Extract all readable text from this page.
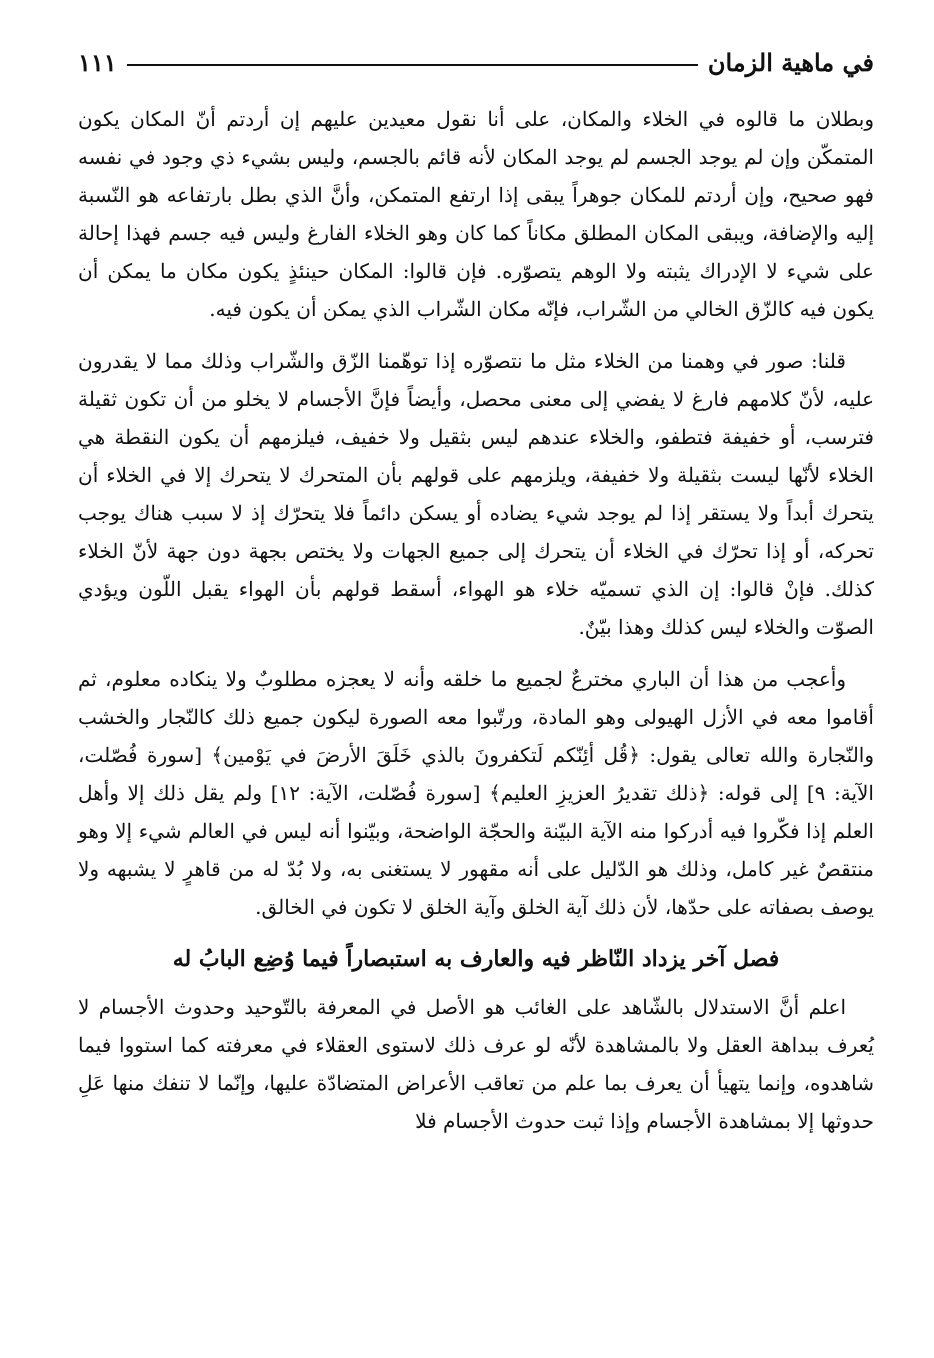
في ماهية الزمان
١١١

وبطلان ما قالوه في الخلاء والمكان، على أنا نقول معيدين عليهم إن أردتم أنّ المكان يكون المتمكّن وإن لم يوجد الجسم لم يوجد المكان لأنه قائم بالجسم، وليس بشيء ذي وجود في نفسه فهو صحيح، وإن أردتم للمكان جوهراً يبقى إذا ارتفع المتمكن، وأنَّ الذي بطل بارتفاعه هو النّسبة إليه والإضافة، ويبقى المكان المطلق مكاناً كما كان وهو الخلاء الفارغ وليس فيه جسم فهذا إحالة على شيء لا الإدراك يثبته ولا الوهم يتصوّره. فإن قالوا: المكان حينئذٍ يكون مكان ما يمكن أن يكون فيه كالزّق الخالي من الشّراب، فإنّه مكان الشّراب الذي يمكن أن يكون فيه.

قلنا: صور في وهمنا من الخلاء مثل ما نتصوّره إذا توهّمنا الزّق والشّراب وذلك مما لا يقدرون عليه، لأنّ كلامهم فارغ لا يفضي إلى معنى محصل، وأيضاً فإنَّ الأجسام لا يخلو من أن تكون ثقيلة فترسب، أو خفيفة فتطفو، والخلاء عندهم ليس بثقيل ولا خفيف، فيلزمهم أن يكون النقطة هي الخلاء لأنّها ليست بثقيلة ولا خفيفة، ويلزمهم على قولهم بأن المتحرك لا يتحرك إلا في الخلاء أن يتحرك أبداً ولا يستقر إذا لم يوجد شيء يضاده أو يسكن دائماً فلا يتحرّك إذ لا سبب هناك يوجب تحركه، أو إذا تحرّك في الخلاء أن يتحرك إلى جميع الجهات ولا يختص بجهة دون جهة لأنّ الخلاء كذلك. فإنْ قالوا: إن الذي تسميّه خلاء هو الهواء، أسقط قولهم بأن الهواء يقبل اللّون ويؤدي الصوّت والخلاء ليس كذلك وهذا بيّنٌ.

وأعجب من هذا أن الباري مخترعٌ لجميع ما خلقه وأنه لا يعجزه مطلوبٌ ولا ينكاده معلوم، ثم أقاموا معه في الأزل الهيولى وهو المادة، ورتّبوا معه الصورة ليكون جميع ذلك كالنّجار والخشب والنّجارة والله تعالى يقول: ﴿قُل أئِنّكم لَتكفرونَ بالذي خَلَقَ الأرضَ في يَوْمين﴾ [سورة فُصّلت، الآية: ٩] إلى قوله: ﴿ذلك تقديرُ العزيزِ العليم﴾ [سورة فُصّلت، الآية: ١٢] ولم يقل ذلك إلا وأهل العلم إذا فكّروا فيه أدركوا منه الآية البيّنة والحجّة الواضحة، وبيّنوا أنه ليس في العالم شيء إلا وهو منتقصٌ غير كامل، وذلك هو الدّليل على أنه مقهور لا يستغنى به، ولا بُدّ له من قاهرٍ لا يشبهه ولا يوصف بصفاته على حدّها، لأن ذلك آية الخلق وآية الخلق لا تكون في الخالق.

فصل آخر يزداد النّاظر فيه والعارف به استبصاراً فيما وُضِع البابُ له

اعلم أنَّ الاستدلال بالشّاهد على الغائب هو الأصل في المعرفة بالتّوحيد وحدوث الأجسام لا يُعرف ببداهة العقل ولا بالمشاهدة لأنّه لو عرف ذلك لاستوى العقلاء في معرفته كما استووا فيما شاهدوه، وإنما يتهيأ أن يعرف بما علم من تعاقب الأعراض المتضادّة عليها، وإنّما لا تنفك منها عَلِ حدوثها إلا بمشاهدة الأجسام وإذا ثبت حدوث الأجسام فلا
